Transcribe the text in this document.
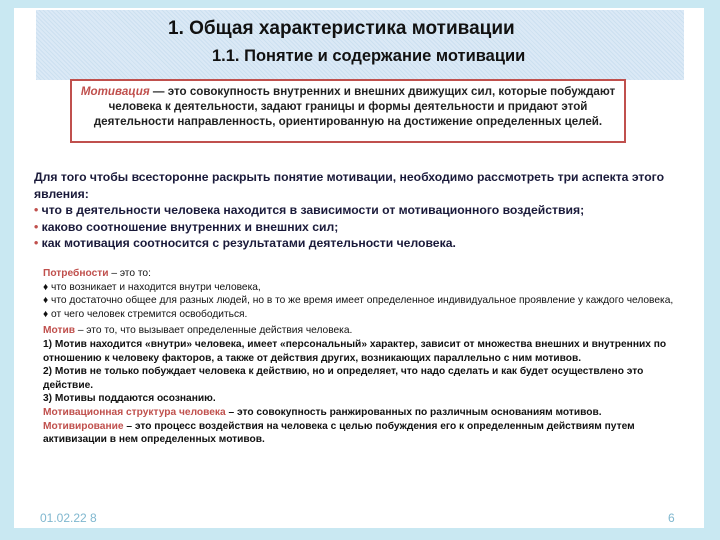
1. Общая характеристика мотивации
1.1. Понятие и содержание мотивации
Мотивация — это совокупность внутренних и внешних движущих сил, которые побуждают человека к деятельности, задают границы и формы деятельности и придают этой деятельности направленность, ориентированную на достижение определенных целей.
Для того чтобы всесторонне раскрыть понятие мотивации, необходимо рассмотреть три аспекта этого явления:
• что в деятельности человека находится в зависимости от мотивационного воздействия;
• каково соотношение внутренних и внешних сил;
• как мотивация соотносится с результатами деятельности человека.

Потребности – это то:

♦ что возникает и находится внутри человека,

♦ что достаточно общее для разных людей, но в то же время имеет определенное индивидуальное проявление у каждого человека,

♦ от чего человек стремится освободиться.

Мотив – это то, что вызывает определенные действия человека.

1) Мотив находится «внутри» человека, имеет «персональный» характер, зависит от множества внешних и внутренних по отношению к человеку факторов, а также от действия других, возникающих параллельно с ним мотивов.

2) Мотив не только побуждает человека к действию, но и определяет, что надо сделать и как будет осуществлено это действие.

3) Мотивы поддаются осознанию.

Мотивационная структура человека – это совокупность ранжированных по различным основаниям мотивов.

Мотивирование – это процесс воздействия на человека с целью побуждения его к определенным действиям путем активизации в нем определенных мотивов.

01.02.22 8	6
